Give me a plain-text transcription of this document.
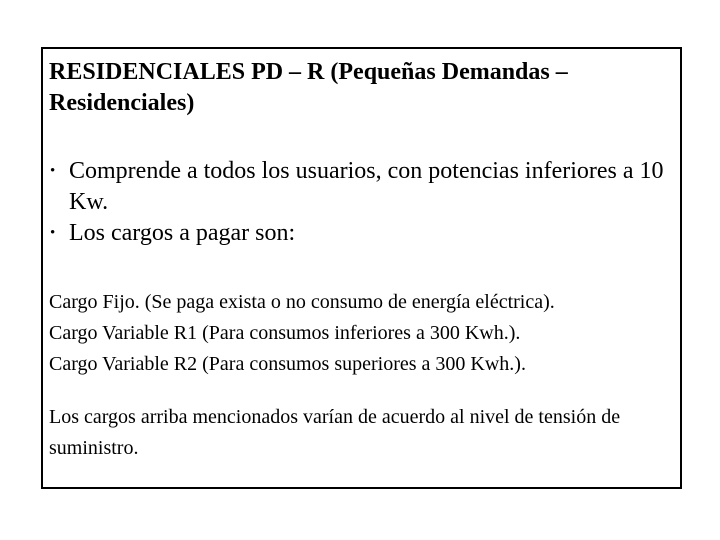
RESIDENCIALES PD – R (Pequeñas Demandas – Residenciales)
• Comprende a todos los usuarios, con potencias inferiores a 10 Kw.
• Los cargos a pagar son:
Cargo Fijo. (Se paga exista o no consumo de energía eléctrica).
Cargo Variable R1 (Para consumos inferiores a 300 Kwh.).
Cargo Variable R2 (Para consumos superiores a 300 Kwh.).

Los cargos arriba mencionados varían de acuerdo al nivel de tensión de suministro.
